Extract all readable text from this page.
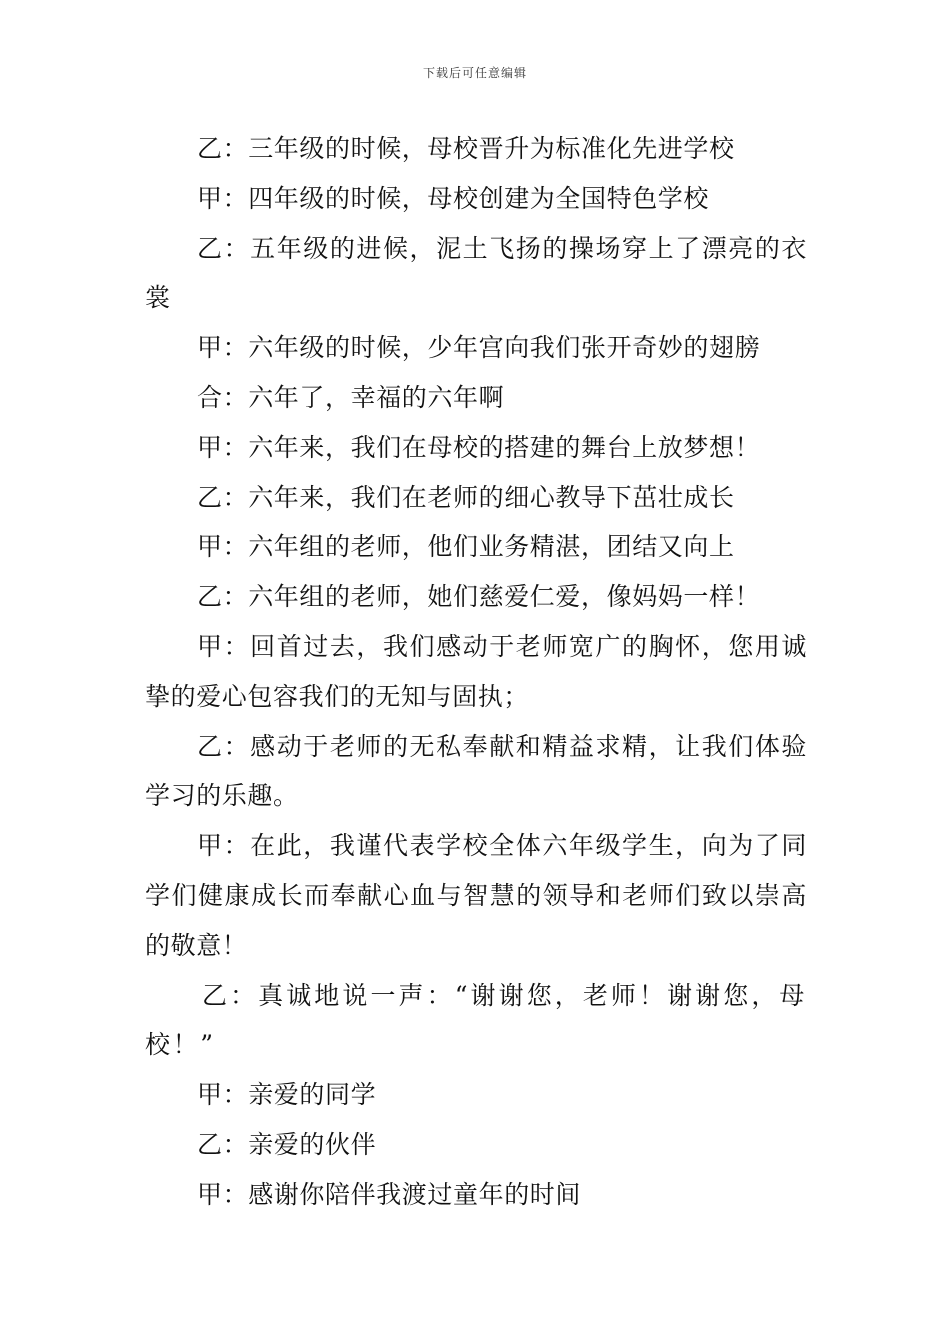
下载后可任意编辑

乙：三年级的时候，母校晋升为标准化先进学校

甲：四年级的时候，母校创建为全国特色学校

乙：五年级的进候，泥土飞扬的操场穿上了漂亮的衣裳

甲：六年级的时候，少年宫向我们张开奇妙的翅膀

合：六年了，幸福的六年啊

甲：六年来，我们在母校的搭建的舞台上放梦想！

乙：六年来，我们在老师的细心教导下茁壮成长

甲：六年组的老师，他们业务精湛，团结又向上

乙：六年组的老师，她们慈爱仁爱，像妈妈一样！

甲：回首过去，我们感动于老师宽广的胸怀，您用诚挚的爱心包容我们的无知与固执；

乙：感动于老师的无私奉献和精益求精，让我们体验学习的乐趣。

甲：在此，我谨代表学校全体六年级学生，向为了同学们健康成长而奉献心血与智慧的领导和老师们致以崇高的敬意！

乙：真诚地说一声：“谢谢您，老师！谢谢您，母校！”

甲：亲爱的同学

乙：亲爱的伙伴

甲：感谢你陪伴我渡过童年的时间
